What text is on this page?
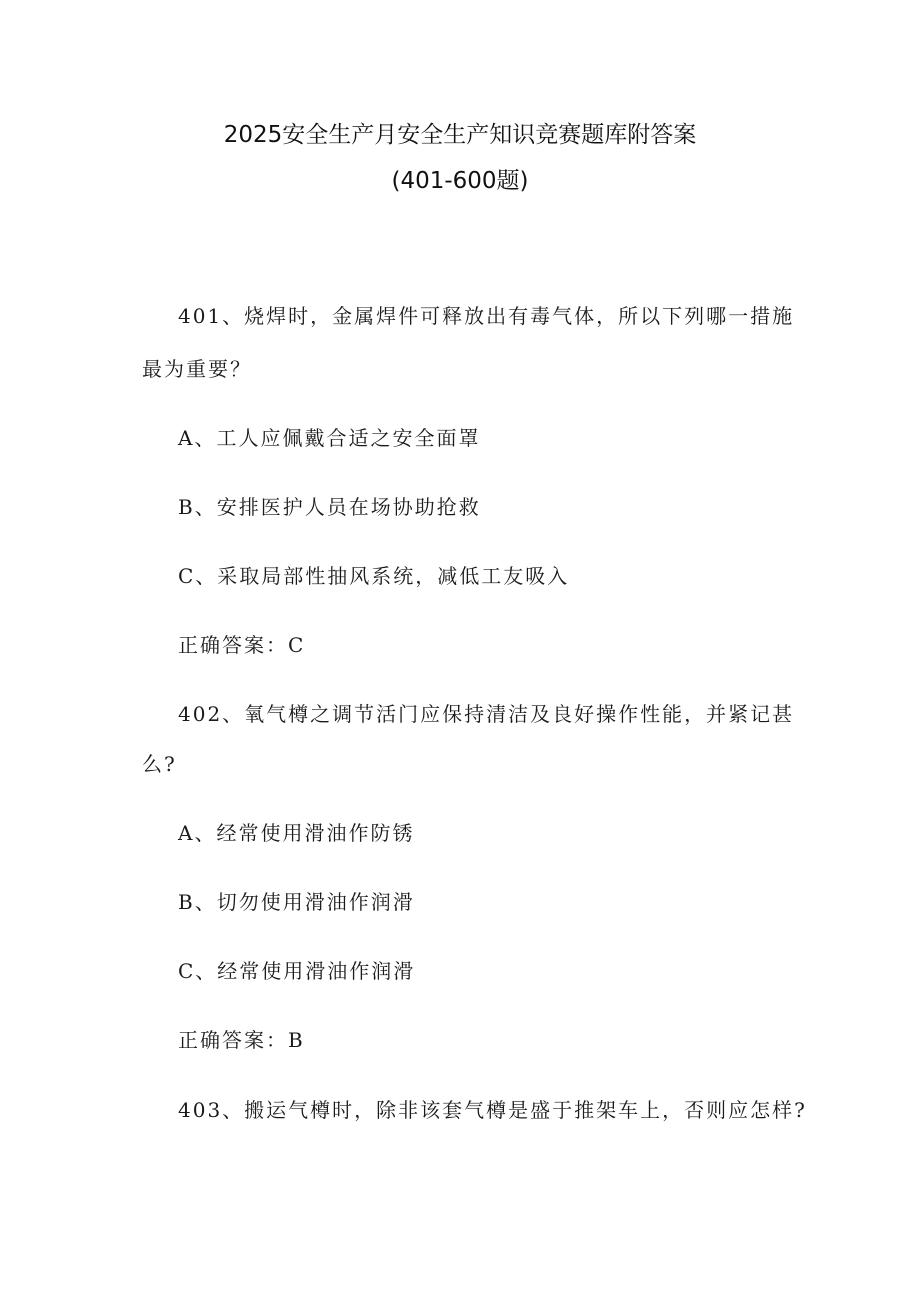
2025安全生产月安全生产知识竞赛题库附答案
(401-600题)
401、烧焊时，金属焊件可释放出有毒气体，所以下列哪一措施
最为重要？
A、工人应佩戴合适之安全面罩
B、安排医护人员在场协助抢救
C、采取局部性抽风系统，减低工友吸入
正确答案：C
402、氧气樽之调节活门应保持清洁及良好操作性能，并紧记甚
么?
A、经常使用滑油作防锈
B、切勿使用滑油作润滑
C、经常使用滑油作润滑
正确答案：B
403、搬运气樽时，除非该套气樽是盛于推架车上，否则应怎样?
